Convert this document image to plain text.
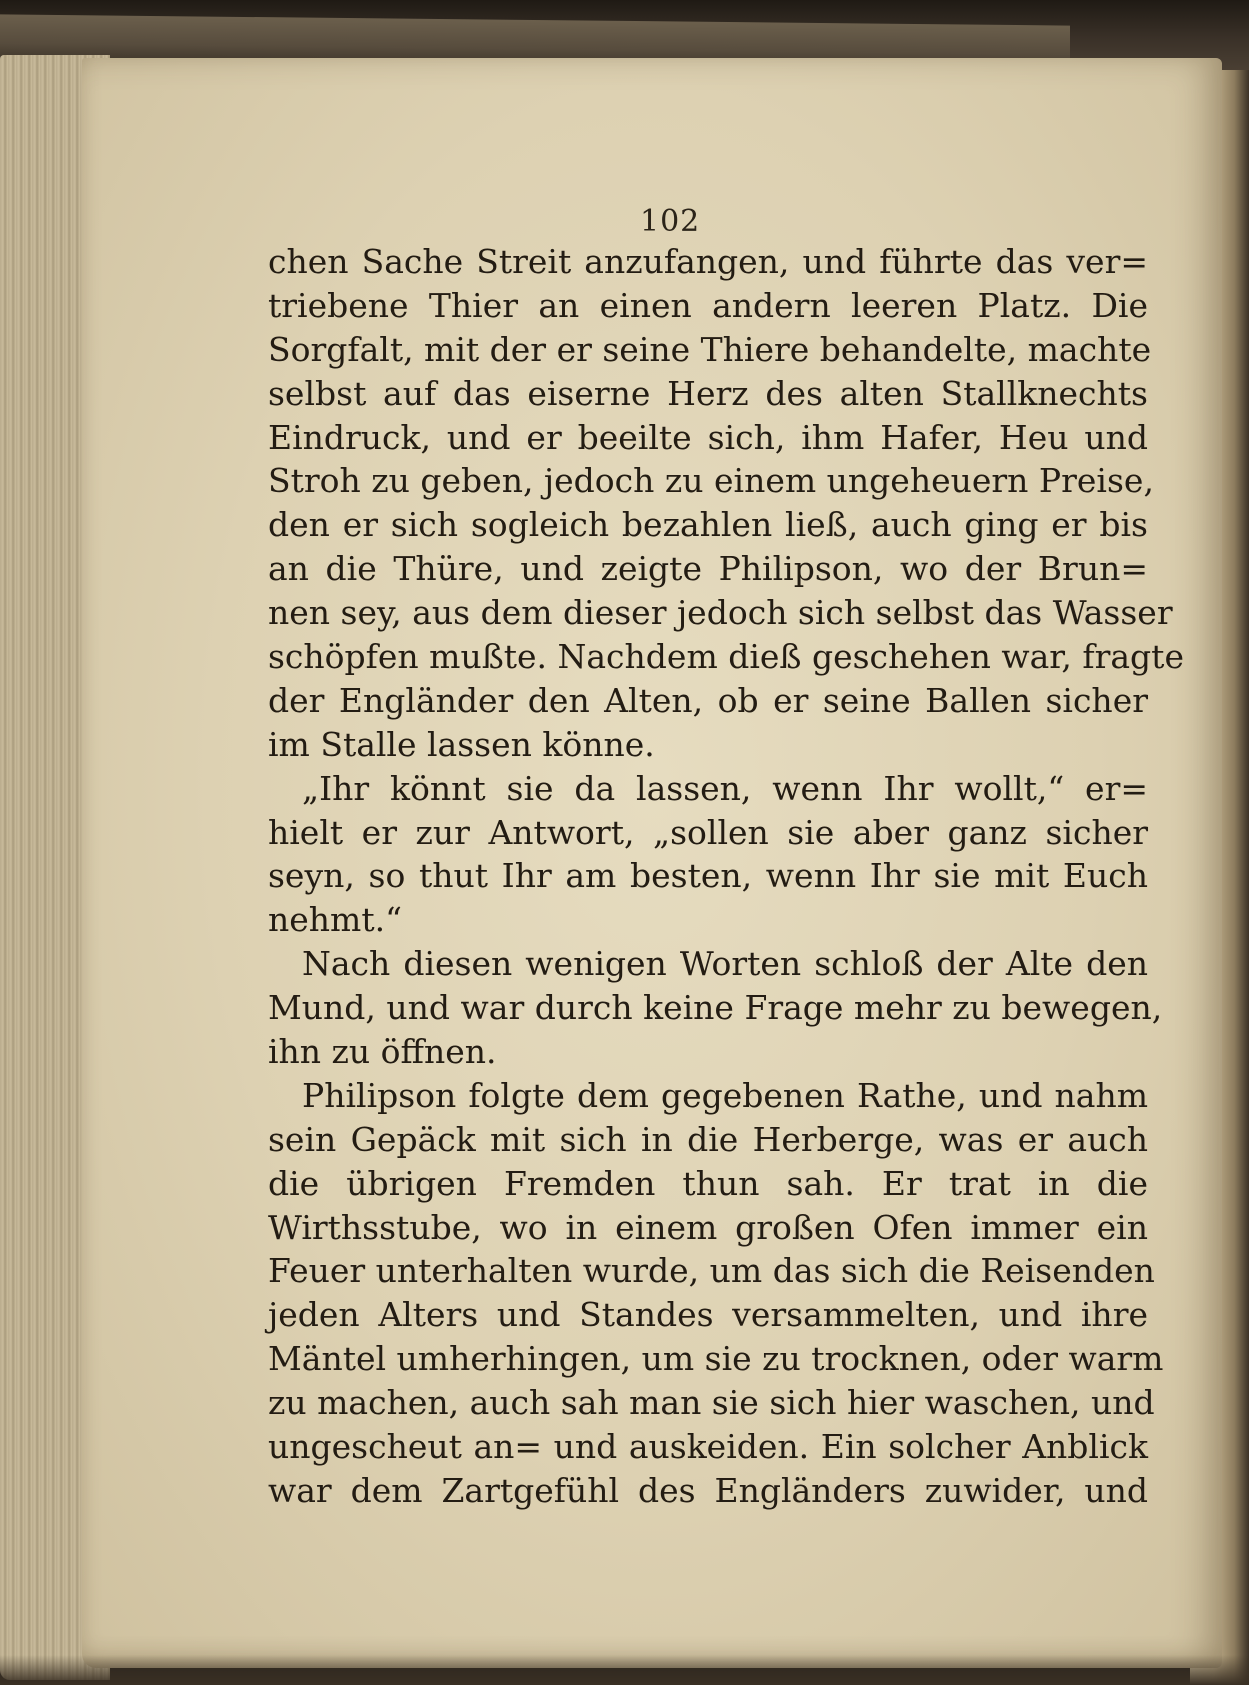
102
chen Sache Streit anzufangen, und führte das ver=
triebene Thier an einen andern leeren Platz. Die
Sorgfalt, mit der er seine Thiere behandelte, machte
selbst auf das eiserne Herz des alten Stallknechts
Eindruck, und er beeilte sich, ihm Hafer, Heu und
Stroh zu geben, jedoch zu einem ungeheuern Preise,
den er sich sogleich bezahlen ließ, auch ging er bis
an die Thüre, und zeigte Philipson, wo der Brun=
nen sey, aus dem dieser jedoch sich selbst das Wasser
schöpfen mußte. Nachdem dieß geschehen war, fragte
der Engländer den Alten, ob er seine Ballen sicher
im Stalle lassen könne.
„Ihr könnt sie da lassen, wenn Ihr wollt,“ er=
hielt er zur Antwort, „sollen sie aber ganz sicher
seyn, so thut Ihr am besten, wenn Ihr sie mit Euch
nehmt.“
Nach diesen wenigen Worten schloß der Alte den
Mund, und war durch keine Frage mehr zu bewegen,
ihn zu öffnen.
Philipson folgte dem gegebenen Rathe, und nahm
sein Gepäck mit sich in die Herberge, was er auch
die übrigen Fremden thun sah. Er trat in die
Wirthsstube, wo in einem großen Ofen immer ein
Feuer unterhalten wurde, um das sich die Reisenden
jeden Alters und Standes versammelten, und ihre
Mäntel umherhingen, um sie zu trocknen, oder warm
zu machen, auch sah man sie sich hier waschen, und
ungescheut an= und auskeiden. Ein solcher Anblick
war dem Zartgefühl des Engländers zuwider, und
